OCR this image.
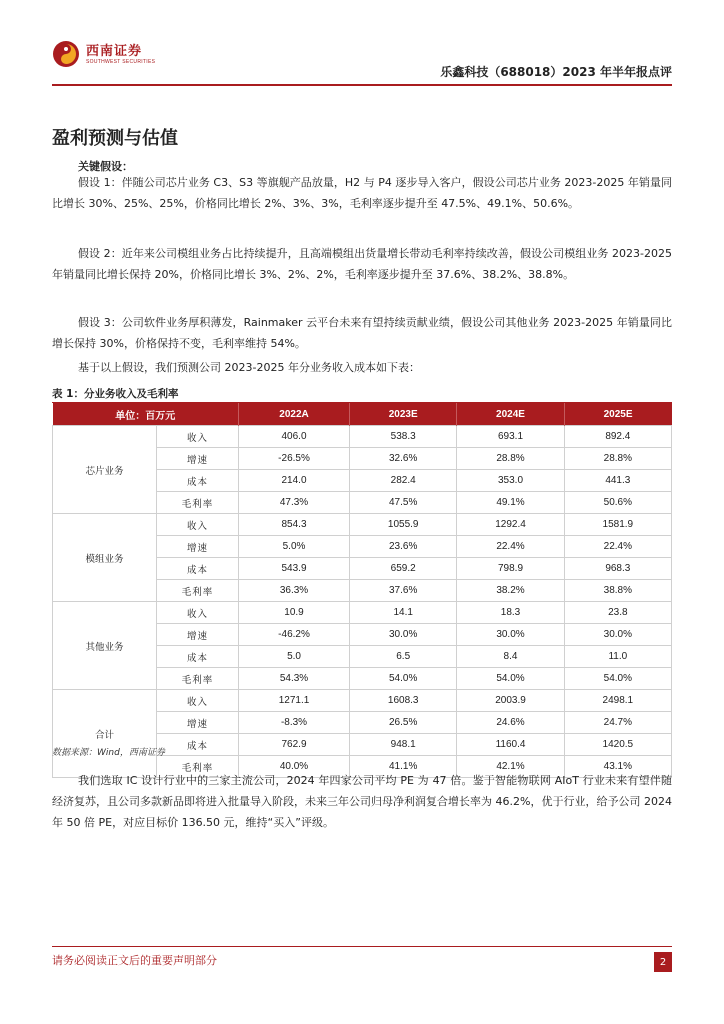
西南证券
SOUTHWEST SECURITIES
乐鑫科技（688018）2023 年半年报点评
盈利预测与估值
关键假设：

假设 1：伴随公司芯片业务 C3、S3 等旗舰产品放量，H2 与 P4 逐步导入客户，假设公司芯片业务 2023-2025 年销量同比增长 30%、25%、25%，价格同比增长 2%、3%、3%，毛利率逐步提升至 47.5%、49.1%、50.6%。

假设 2：近年来公司模组业务占比持续提升，且高端模组出货量增长带动毛利率持续改善，假设公司模组业务 2023-2025 年销量同比增长保持 20%，价格同比增长 3%、2%、2%，毛利率逐步提升至 37.6%、38.2%、38.8%。

假设 3：公司软件业务厚积薄发，Rainmaker 云平台未来有望持续贡献业绩，假设公司其他业务 2023-2025 年销量同比增长保持 30%，价格保持不变，毛利率维持 54%。

基于以上假设，我们预测公司 2023-2025 年分业务收入成本如下表：

表 1：分业务收入及毛利率
单位：百万元		2022A	2023E	2024E	2025E
芯片业务	收入	406.0	538.3	693.1	892.4
	增速	-26.5%	32.6%	28.8%	28.8%
	成本	214.0	282.4	353.0	441.3
	毛利率	47.3%	47.5%	49.1%	50.6%
模组业务	收入	854.3	1055.9	1292.4	1581.9
	增速	5.0%	23.6%	22.4%	22.4%
	成本	543.9	659.2	798.9	968.3
	毛利率	36.3%	37.6%	38.2%	38.8%
其他业务	收入	10.9	14.1	18.3	23.8
	增速	-46.2%	30.0%	30.0%	30.0%
	成本	5.0	6.5	8.4	11.0
	毛利率	54.3%	54.0%	54.0%	54.0%
合计	收入	1271.1	1608.3	2003.9	2498.1
	增速	-8.3%	26.5%	24.6%	24.7%
	成本	762.9	948.1	1160.4	1420.5
	毛利率	40.0%	41.1%	42.1%	43.1%
数据来源：Wind，西南证券

我们选取 IC 设计行业中的三家主流公司，2024 年四家公司平均 PE 为 47 倍。鉴于智能物联网 AIoT 行业未来有望伴随经济复苏，且公司多款新品即将进入批量导入阶段，未来三年公司归母净利润复合增长率为 46.2%，优于行业，给予公司 2024 年 50 倍 PE，对应目标价 136.50 元，维持“买入”评级。

请务必阅读正文后的重要声明部分	2
